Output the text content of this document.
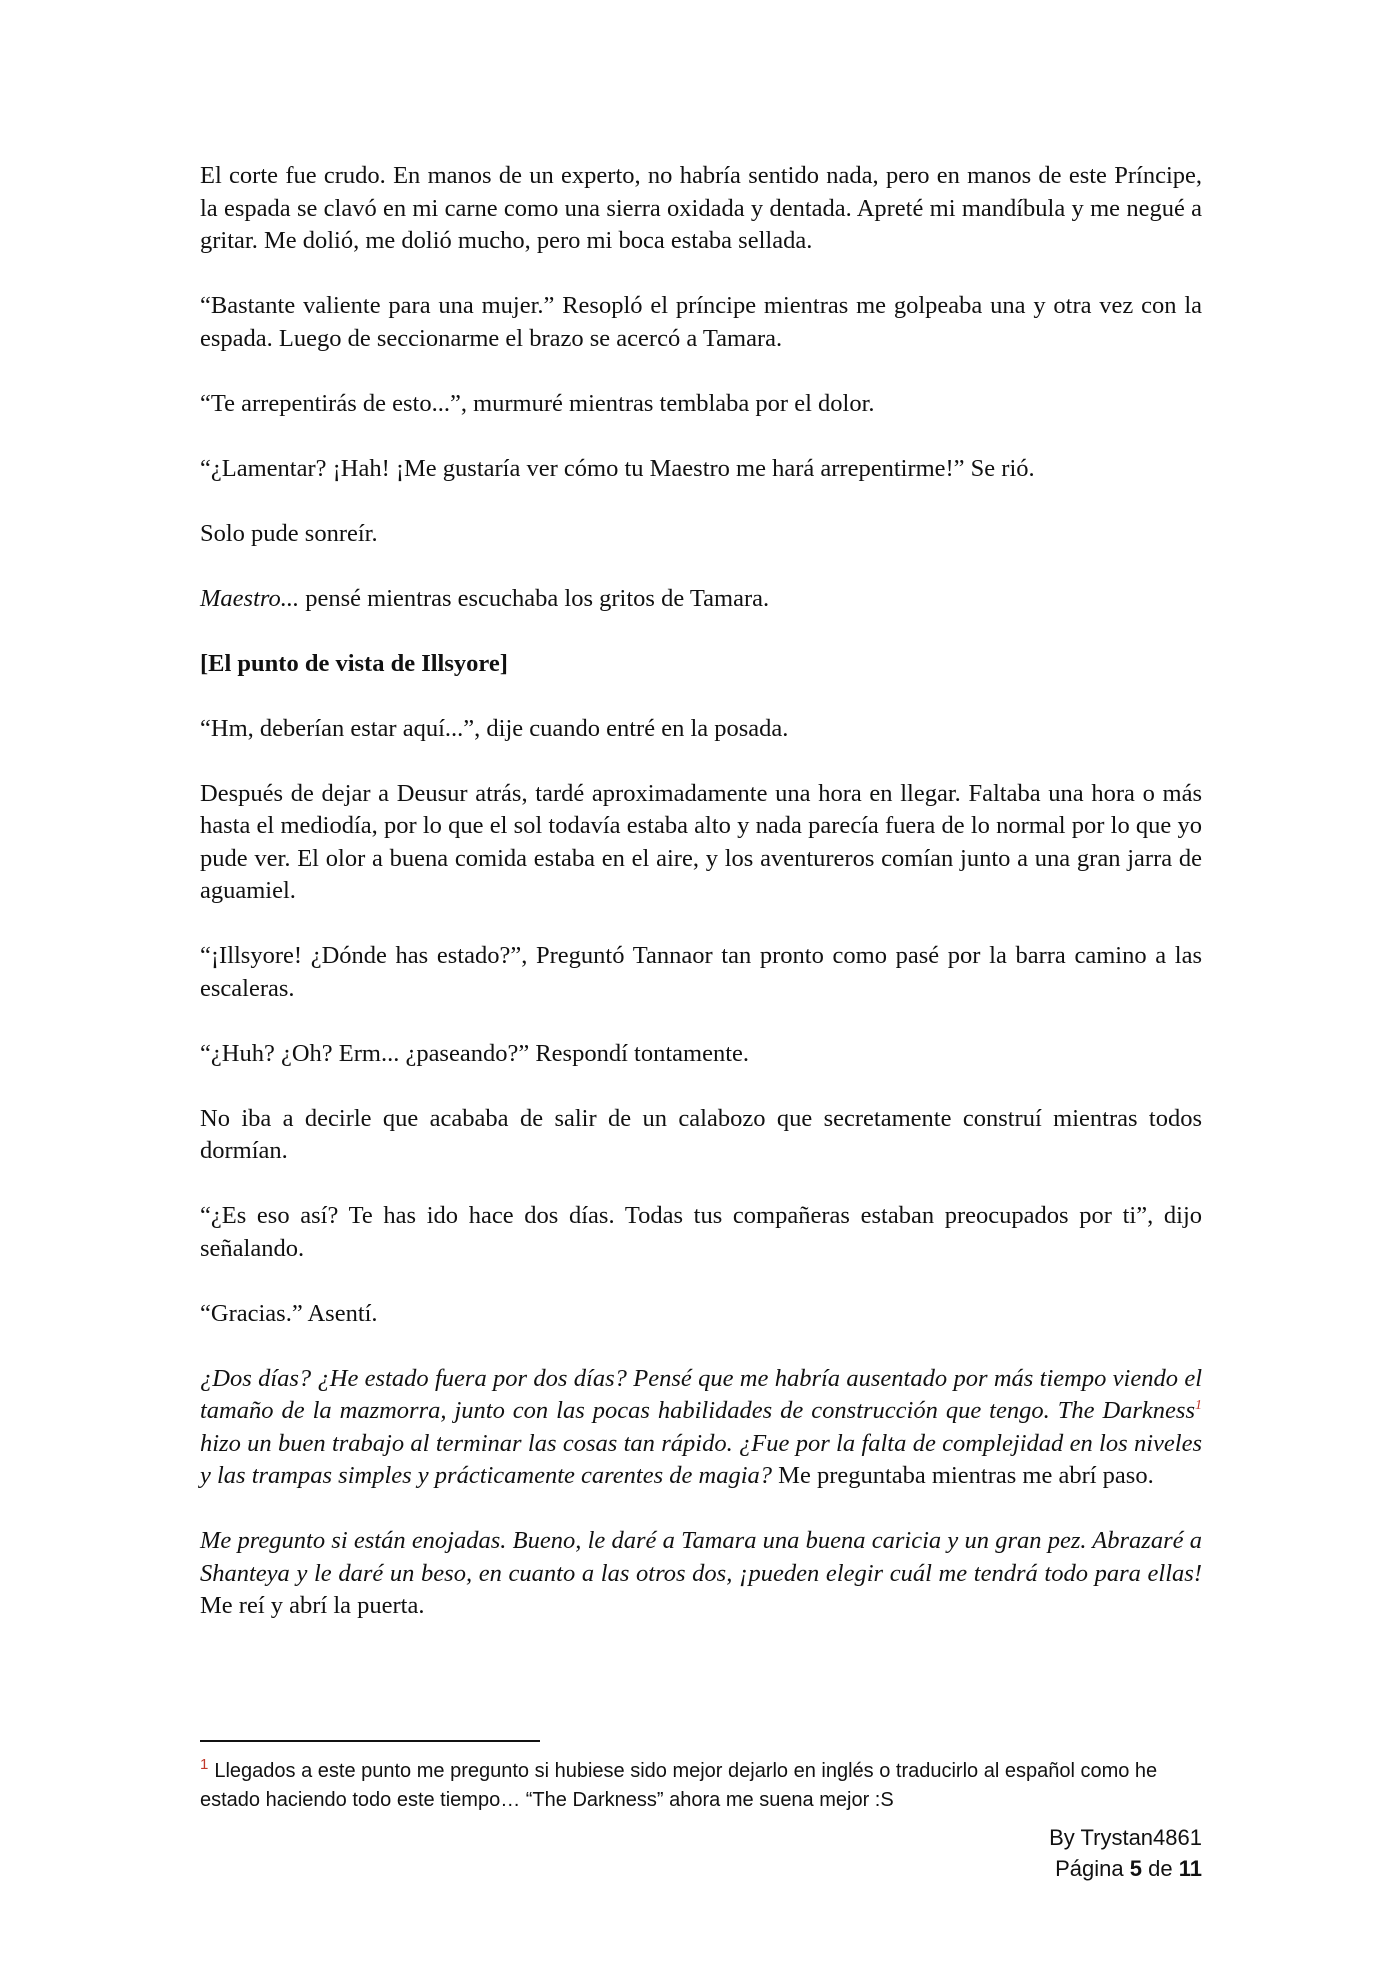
El corte fue crudo. En manos de un experto, no habría sentido nada, pero en manos de este Príncipe, la espada se clavó en mi carne como una sierra oxidada y dentada. Apreté mi mandíbula y me negué a gritar. Me dolió, me dolió mucho, pero mi boca estaba sellada.

“Bastante valiente para una mujer.” Resopló el príncipe mientras me golpeaba una y otra vez con la espada. Luego de seccionarme el brazo se acercó a Tamara.

“Te arrepentirás de esto...”, murmuré mientras temblaba por el dolor.

“¿Lamentar? ¡Hah! ¡Me gustaría ver cómo tu Maestro me hará arrepentirme!” Se rió.

Solo pude sonreír.

Maestro... pensé mientras escuchaba los gritos de Tamara.

[El punto de vista de Illsyore]

“Hm, deberían estar aquí...”, dije cuando entré en la posada.

Después de dejar a Deusur atrás, tardé aproximadamente una hora en llegar. Faltaba una hora o más hasta el mediodía, por lo que el sol todavía estaba alto y nada parecía fuera de lo normal por lo que yo pude ver. El olor a buena comida estaba en el aire, y los aventureros comían junto a una gran jarra de aguamiel.

“¡Illsyore! ¿Dónde has estado?”, Preguntó Tannaor tan pronto como pasé por la barra camino a las escaleras.

“¿Huh? ¿Oh? Erm... ¿paseando?” Respondí tontamente.

No iba a decirle que acababa de salir de un calabozo que secretamente construí mientras todos dormían.

“¿Es eso así? Te has ido hace dos días. Todas tus compañeras estaban preocupados por ti”, dijo señalando.

“Gracias.” Asentí.

¿Dos días? ¿He estado fuera por dos días? Pensé que me habría ausentado por más tiempo viendo el tamaño de la mazmorra, junto con las pocas habilidades de construcción que tengo. The Darkness$^1$ hizo un buen trabajo al terminar las cosas tan rápido. ¿Fue por la falta de complejidad en los niveles y las trampas simples y prácticamente carentes de magia? Me preguntaba mientras me abrí paso.

Me pregunto si están enojadas. Bueno, le daré a Tamara una buena caricia y un gran pez. Abrazaré a Shanteya y le daré un beso, en cuanto a las otros dos, ¡pueden elegir cuál me tendrá todo para ellas! Me reí y abrí la puerta.

$^1$ Llegados a este punto me pregunto si hubiese sido mejor dejarlo en inglés o traducirlo al español como he estado haciendo todo este tiempo… “The Darkness” ahora me suena mejor :S
By Trystan4861
Página 5 de 11
